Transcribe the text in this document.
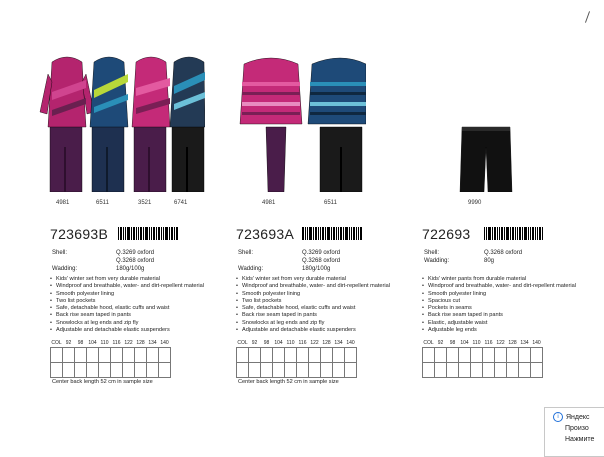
4981	6511	3521	6741
723693B
Shell:	Q.3269 oxford
Q.3268 oxford
Wadding:	180g/100g
• Kids' winter set from very durable material
• Windproof and breathable, water- and dirt-repellent material
• Smooth polyester lining
• Two list pockets
• Safe, detachable hood, elastic cuffs and waist
• Back rise seam taped in pants
• Snowlocks at leg ends and zip fly
• Adjustable and detachable elastic suspenders
COL	92	98	104	110	116	122	128	134	140

Center back length 52 cm in sample size
4981	6511
723693A
Shell:	Q.3269 oxford
Q.3268 oxford
Wadding:	180g/100g
• Kids' winter set from very durable material
• Windproof and breathable, water- and dirt-repellent material
• Smooth polyester lining
• Two list pockets
• Safe, detachable hood, elastic cuffs and waist
• Back rise seam taped in pants
• Snowlocks at leg ends and zip fly
• Adjustable and detachable elastic suspenders
COL	92	98	104	110	116	122	128	134	140

Center back length 52 cm in sample size
9990
722693
Shell:	Q.3268 oxford
Wadding:	80g
• Kids' winter pants from durable material
• Windproof and breathable, water- and dirt-repellent material
• Smooth polyester lining
• Spacious cut
• Pockets in seams
• Back rise seam taped in pants
• Elastic, adjustable waist
• Adjustable leg ends
COL	92	98	104	110	116	122	128	134	140

i Яндекс
Произо
Нажмите
